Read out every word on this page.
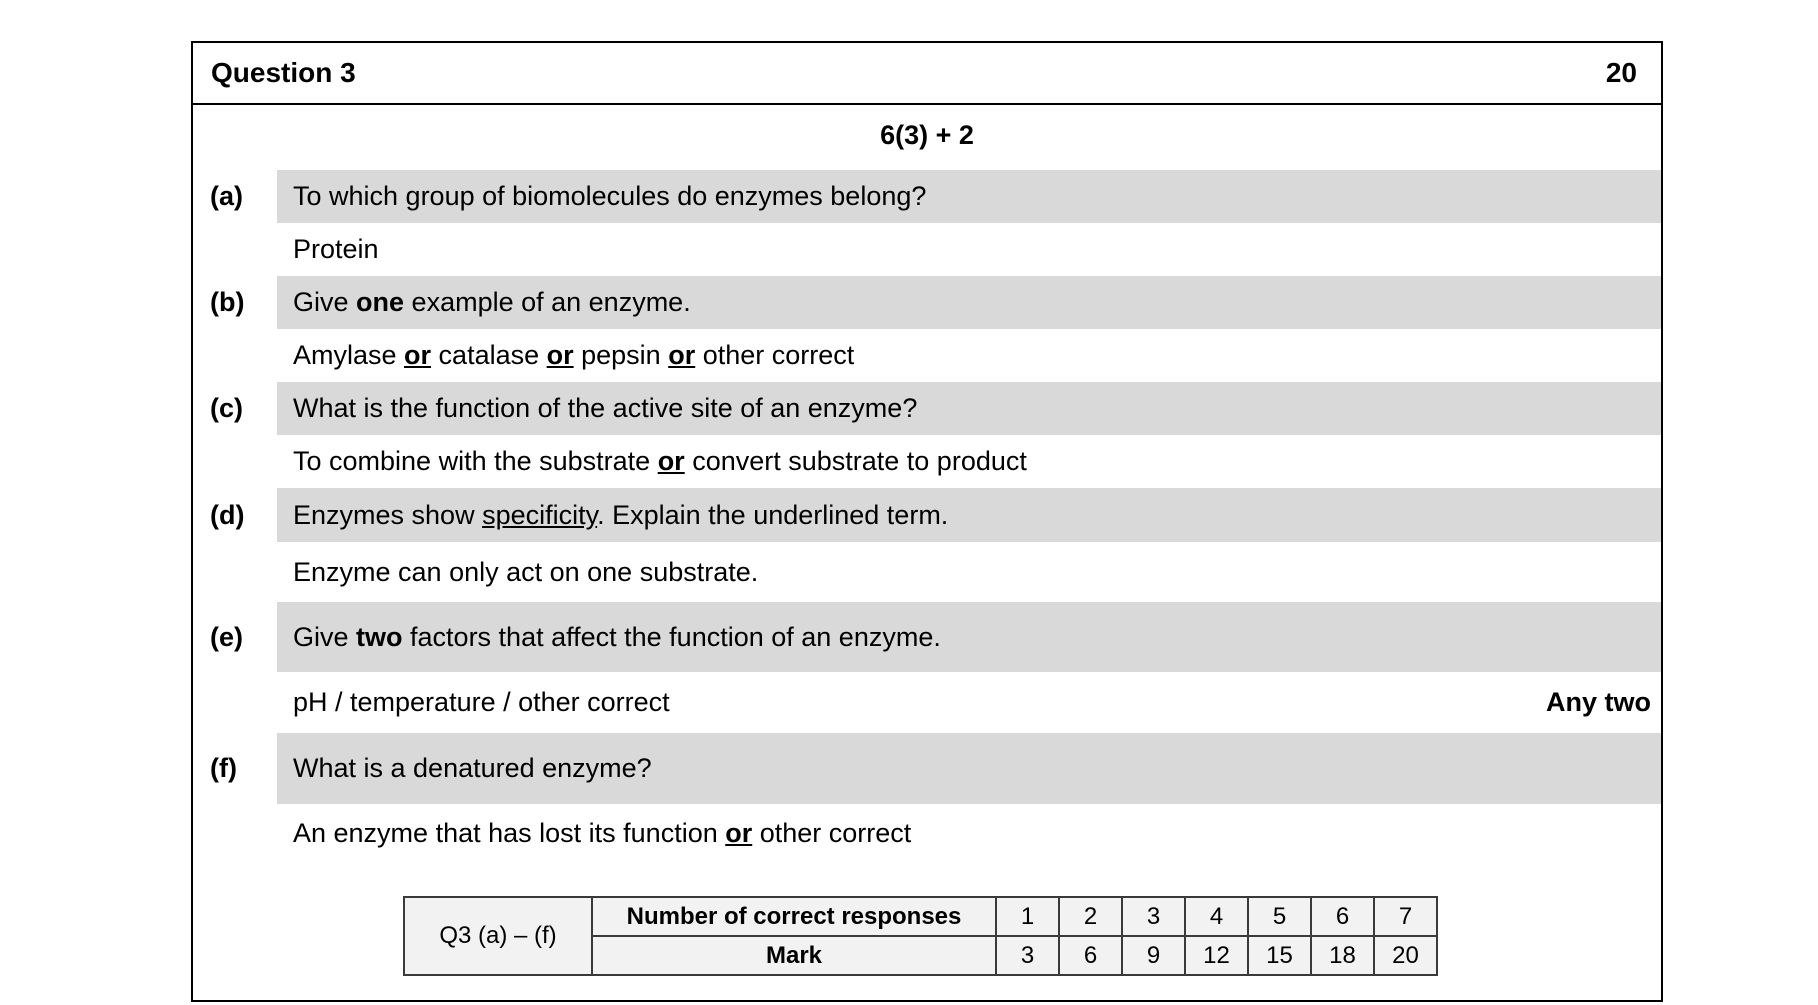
Question 3	20
6(3) + 2
(a)	To which group of biomolecules do enzymes belong?
Protein
(b)	Give one example of an enzyme.
Amylase or catalase or pepsin or other correct
(c)	What is the function of the active site of an enzyme?
To combine with the substrate or convert substrate to product
(d)	Enzymes show specificity. Explain the underlined term.
Enzyme can only act on one substrate.
(e)	Give two factors that affect the function of an enzyme.
pH / temperature / other correct	Any two
(f)	What is a denatured enzyme?
An enzyme that has lost its function or other correct
Q3 (a) – (f)	Number of correct responses	1	2	3	4	5	6	7
	Mark	3	6	9	12	15	18	20
